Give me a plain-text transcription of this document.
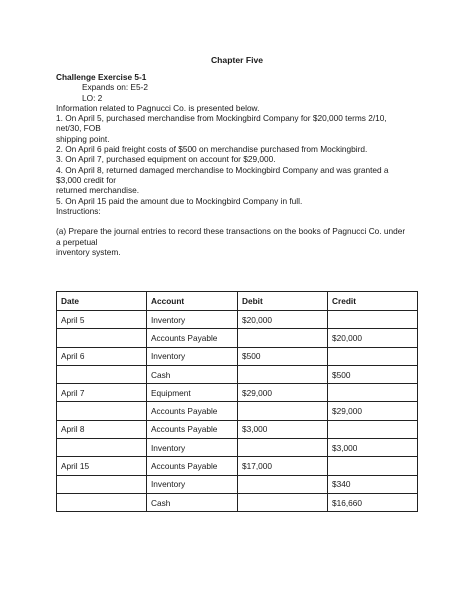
Chapter Five
Challenge Exercise 5-1
Expands on: E5-2
LO: 2
Information related to Pagnucci Co. is presented below.
1. On April 5, purchased merchandise from Mockingbird Company for $20,000 terms 2/10,
net/30, FOB
shipping point.
2. On April 6 paid freight costs of $500 on merchandise purchased from Mockingbird.
3. On April 7, purchased equipment on account for $29,000.
4. On April 8, returned damaged merchandise to Mockingbird Company and was granted a
$3,000 credit for
returned merchandise.
5. On April 15 paid the amount due to Mockingbird Company in full.
Instructions:
(a) Prepare the journal entries to record these transactions on the books of Pagnucci Co. under
a perpetual
inventory system.
Date	Account	Debit	Credit
April 5	Inventory	$20,000	
	Accounts Payable		$20,000
April 6	Inventory	$500	
	Cash		$500
April 7	Equipment	$29,000	
	Accounts Payable		$29,000
April 8	Accounts Payable	$3,000	
	Inventory		$3,000
April 15	Accounts Payable	$17,000	
	Inventory		$340
	Cash		$16,660
